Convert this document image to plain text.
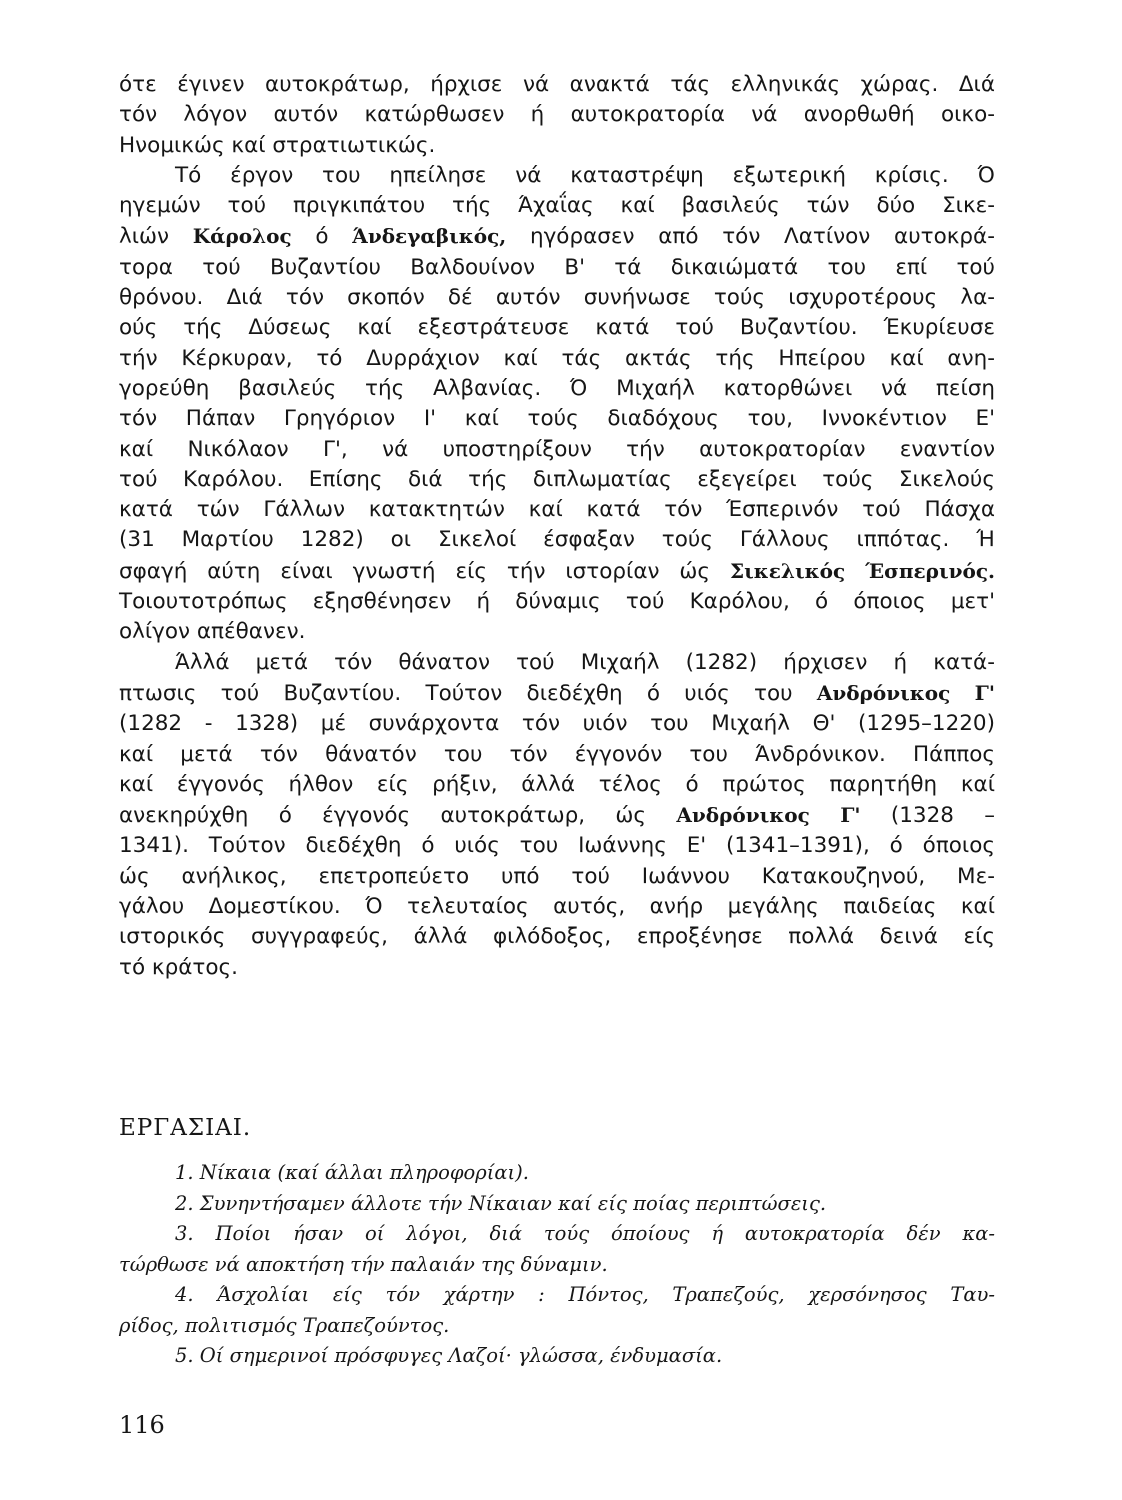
ότε έγινεν αυτοκράτωρ, ήρχισε νά ανακτά τάς ελληνικάς χώρας. Διά
τόν λόγον αυτόν κατώρθωσεν ή αυτοκρατορία νά ανορθωθή οικο-
Ηνομικώς καί στρατιωτικώς.

Τό έργον του ηπείλησε νά καταστρέψη εξωτερική κρίσις. Ό
ηγεμών τού πριγκιπάτου τής Άχαΐας καί βασιλεύς τών δύο Σικε-
λιών Κάρολος ό Άνδεγαβικός, ηγόρασεν από τόν Λατίνον αυτοκρά-
τορα τού Βυζαντίου Βαλδουίνον Β' τά δικαιώματά του επί τού
θρόνου. Διά τόν σκοπόν δέ αυτόν συνήνωσε τούς ισχυροτέρους λα-
ούς τής Δύσεως καί εξεστράτευσε κατά τού Βυζαντίου. Έκυρίευσε
τήν Κέρκυραν, τό Δυρράχιον καί τάς ακτάς τής Ηπείρου καί ανη-
γορεύθη βασιλεύς τής Αλβανίας. Ό Μιχαήλ κατορθώνει νά πείση
τόν Πάπαν Γρηγόριον Ι' καί τούς διαδόχους του, Ιννοκέντιον Ε'
καί Νικόλαον Γ', νά υποστηρίξουν τήν αυτοκρατορίαν εναντίον
τού Καρόλου. Επίσης διά τής διπλωματίας εξεγείρει τούς Σικελούς
κατά τών Γάλλων κατακτητών καί κατά τόν Έσπερινόν τού Πάσχα
(31 Μαρτίου 1282) οι Σικελοί έσφαξαν τούς Γάλλους ιππότας. Ή
σφαγή αύτη είναι γνωστή είς τήν ιστορίαν ώς Σικελικός Έσπερινός.
Τοιουτοτρόπως εξησθένησεν ή δύναμις τού Καρόλου, ό όποιος μετ'
ολίγον απέθανεν.

Άλλά μετά τόν θάνατον τού Μιχαήλ (1282) ήρχισεν ή κατά-
πτωσις τού Βυζαντίου. Τούτον διεδέχθη ό υιός του Ανδρόνικος Γ'
(1282 - 1328) μέ συνάρχοντα τόν υιόν του Μιχαήλ Θ' (1295–1220)
καί μετά τόν θάνατόν του τόν έγγονόν του Άνδρόνικον. Πάππος
καί έγγονός ήλθον είς ρήξιν, άλλά τέλος ό πρώτος παρητήθη καί
ανεκηρύχθη ό έγγονός αυτοκράτωρ, ώς Ανδρόνικος Γ' (1328 –
1341). Τούτον διεδέχθη ό υιός του Ιωάννης Ε' (1341–1391), ό όποιος
ώς ανήλικος, επετροπεύετο υπό τού Ιωάννου Κατακουζηνού, Με-
γάλου Δομεστίκου. Ό τελευταίος αυτός, ανήρ μεγάλης παιδείας καί
ιστορικός συγγραφεύς, άλλά φιλόδοξος, επροξένησε πολλά δεινά είς
τό κράτος.

ΕΡΓΑΣΙΑΙ.
1. Νίκαια (καί άλλαι πληροφορίαι).
2. Συνηντήσαμεν άλλοτε τήν Νίκαιαν καί είς ποίας περιπτώσεις.
3. Ποίοι ήσαν οί λόγοι, διά τούς όποίους ή αυτοκρατορία δέν κα-
τώρθωσε νά αποκτήση τήν παλαιάν της δύναμιν.
4. Άσχολίαι είς τόν χάρτην : Πόντος, Τραπεζούς, χερσόνησος Ταυ-
ρίδος, πολιτισμός Τραπεζούντος.
5. Οί σημερινοί πρόσφυγες Λαζοί· γλώσσα, ένδυμασία.
116
